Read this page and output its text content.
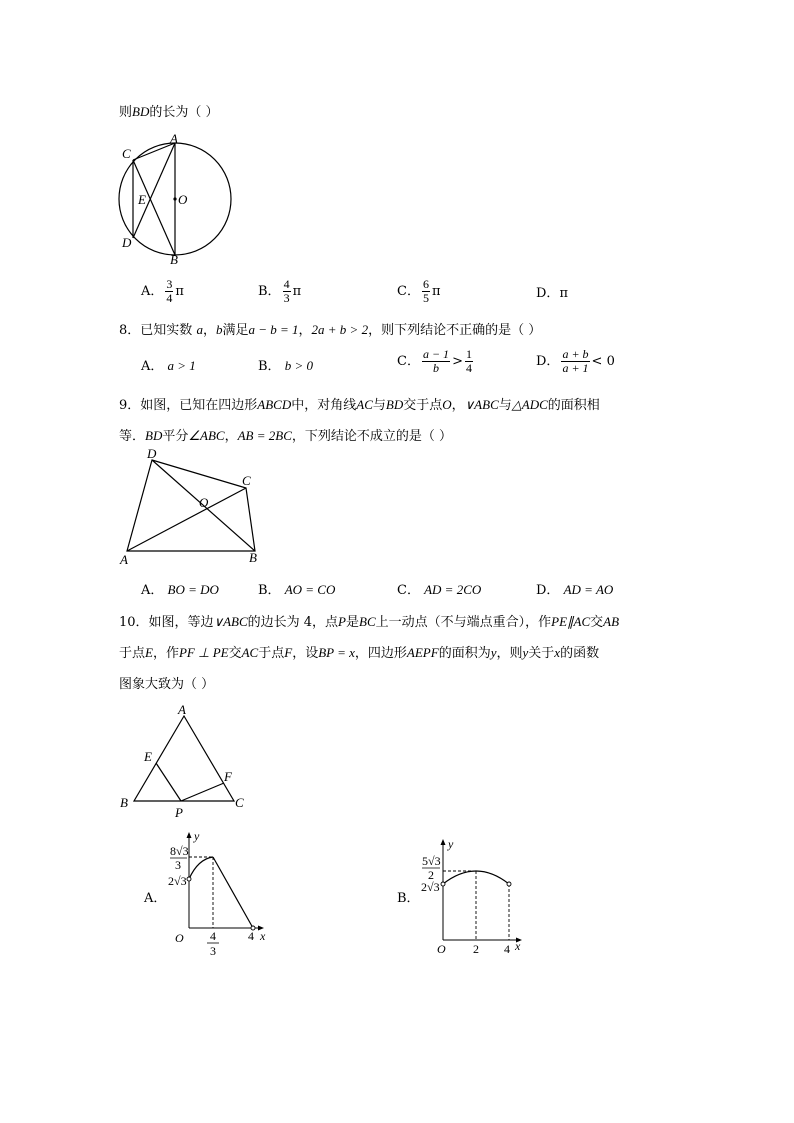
则BD的长为（ ）
A
C
E O
D
B
A． $\frac{3}{4}$ π	B． $\frac{4}{3}$ π	C． $\frac{6}{5}$ π	D．π
8．已知实数 a，b满足a − b = 1，2a + b > 2，则下列结论不正确的是（ ）
A． a > 1	B． b > 0	C． $\frac{a - 1}{b} > \frac{1}{4}$	D． $\frac{a + b}{a + 1} < 0$
9．如图，已知在四边形ABCD中，对角线AC与BD交于点O，∨ABC与△ADC的面积相
等．BD平分∠ABC，AB = 2BC，下列结论不成立的是（ ）
D
C
O
A	B
A． BO = DO	B． AO = CO	C． AD = 2CO	D． AD = AO
10．如图，等边∨ABC的边长为 4，点P是BC上一动点（不与端点重合），作PE∥AC交AB
于点E，作PF ⊥ PE交AC于点F，设BP = x，四边形AEPF的面积为y，则y关于x的函数
图象大致为（ ）
A
E
F
B
P
C
A．
y
x
O
8√3
3
2√3
4
3
4
B．
y
x
O
5√3
2
2√3
2 4
